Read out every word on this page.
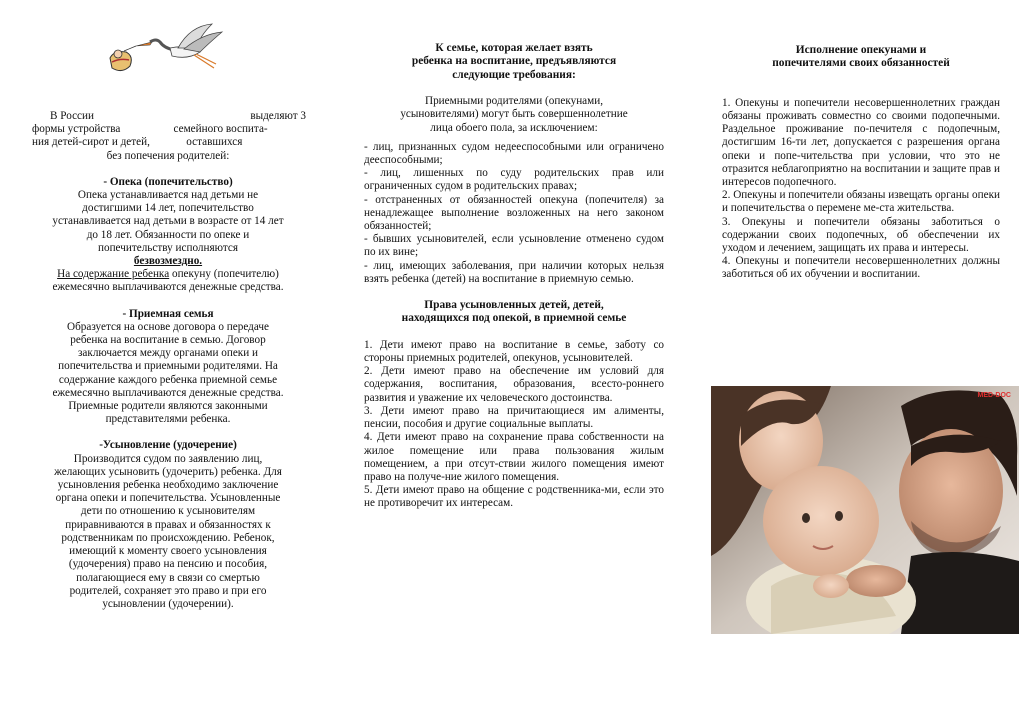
В России	выделяют 3
формы устройства                   семейного воспита-
ния детей-сирот и детей,             оставшихся
без попечения родителей:
- Опека (попечительство)
Опека устанавливается над детьми не
достигшими 14 лет, попечительство
устанавливается над детьми в возрасте от 14 лет
до 18 лет. Обязанности по опеке и
попечительству исполняются
безвозмездно.
На содержание ребенка опекуну (попечителю)
ежемесячно выплачиваются денежные средства.
- Приемная семья
Образуется на основе договора о передаче
ребенка на воспитание в семью. Договор
заключается между органами опеки и
попечительства и приемными родителями. На
содержание каждого ребенка приемной семье
ежемесячно выплачиваются денежные средства.
Приемные родители являются законными
представителями ребенка.
-Усыновление (удочерение)
Производится судом по заявлению лиц,
желающих усыновить (удочерить) ребенка. Для
усыновления ребенка необходимо заключение
органа опеки и попечительства. Усыновленные
дети по отношению к усыновителям
приравниваются в правах и обязанностях к
родственникам по происхождению. Ребенок,
имеющий к моменту своего усыновления
(удочерения) право на пенсию и пособия,
полагающиеся ему в связи со смертью
родителей, сохраняет это право и при его
усыновлении (удочерении).
К семье, которая желает взять
ребенка на воспитание, предъявляются
следующие требования:
Приемными родителями (опекунами,
усыновителями) могут быть совершеннолетние
лица обоего пола, за исключением:
- лиц, признанных судом недееспособными или ограничено дееспособными;
- лиц, лишенных по суду родительских прав или ограниченных судом в родительских правах;
- отстраненных от обязанностей опекуна (попечителя) за ненадлежащее выполнение возложенных на него законом обязанностей;
- бывших усыновителей, если усыновление отменено судом по их вине;
- лиц, имеющих заболевания, при наличии которых нельзя взять ребенка (детей) на воспитание в приемную семью.
Права усыновленных детей, детей,
находящихся под опекой, в приемной семье
1. Дети имеют право на воспитание в семье, заботу со стороны приемных родителей, опекунов, усыновителей.
2. Дети имеют право на обеспечение им условий для содержания, воспитания, образования, всесто-роннего развития и уважение их человеческого достоинства.
3. Дети имеют право на причитающиеся им алименты, пенсии, пособия и другие социальные выплаты.
4. Дети имеют право на сохранение права собственности на жилое помещение или права пользования жилым помещением, а при отсут-ствии жилого помещения имеют право на получе-ние жилого помещения.
5. Дети имеют право на общение с родственника-ми, если это не противоречит их интересам.
Исполнение опекунами и
попечителями своих обязанностей
1. Опекуны и попечители несовершеннолетних граждан обязаны проживать совместно со своими подопечными. Раздельное проживание по-печителя с подопечным, достигшим 16-ти лет, допускается с разрешения органа опеки и попе-чительства при условии, что это не отразится неблагоприятно на воспитании и защите прав и интересов подопечного.
2. Опекуны и попечители обязаны извещать органы опеки и попечительства о перемене ме-ста жительства.
3. Опекуны и попечители обязаны заботиться о содержании своих подопечных, об обеспечении их уходом и лечением, защищать их права и интересы.
4. Опекуны и попечители несовершеннолетних должны заботиться об их обучении и воспитании.
MED-DOC
